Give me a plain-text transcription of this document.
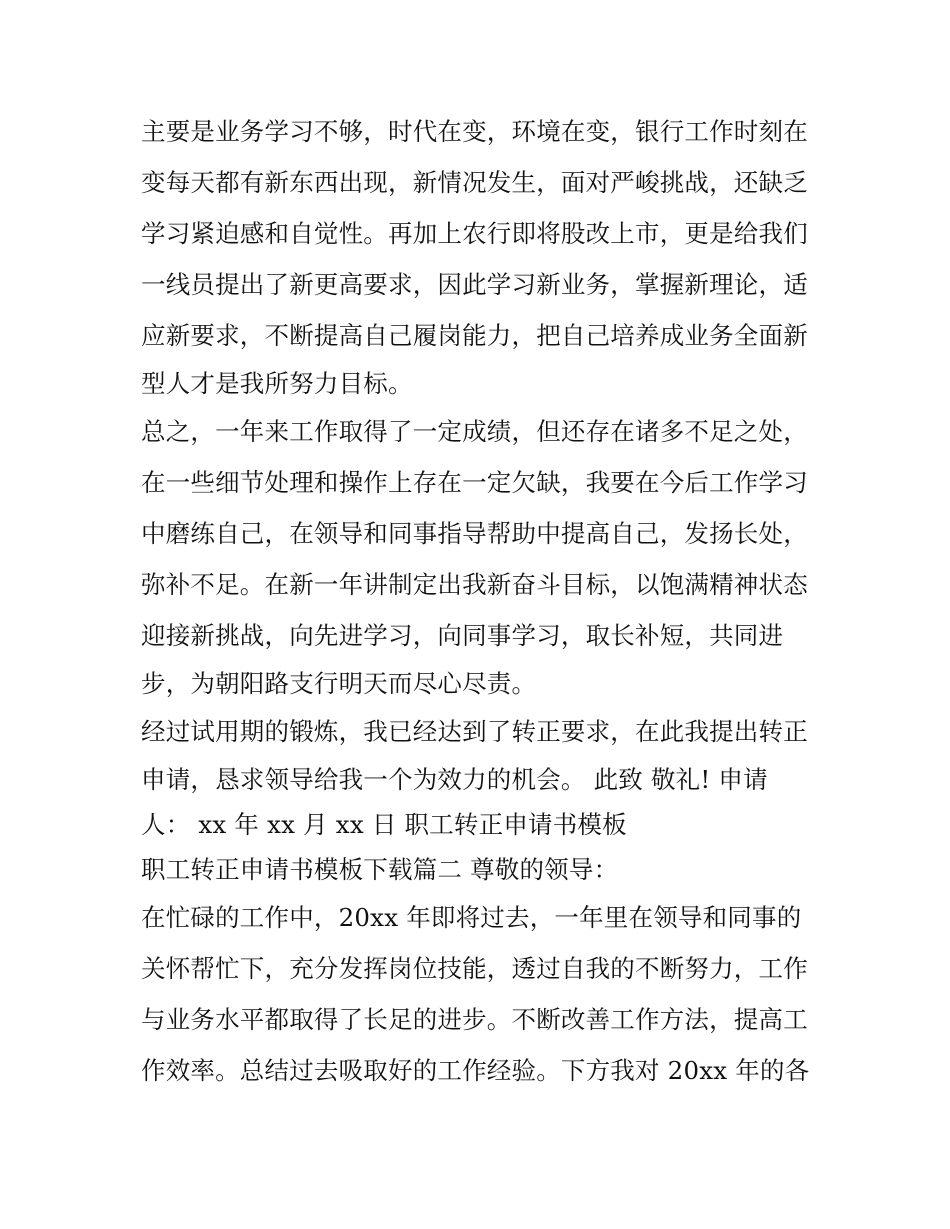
主要是业务学习不够，时代在变，环境在变，银行工作时刻在
变每天都有新东西出现，新情况发生，面对严峻挑战，还缺乏
学习紧迫感和自觉性。再加上农行即将股改上市，更是给我们
一线员提出了新更高要求，因此学习新业务，掌握新理论，适
应新要求，不断提高自己履岗能力，把自己培养成业务全面新
型人才是我所努力目标。
总之，一年来工作取得了一定成绩，但还存在诸多不足之处，
在一些细节处理和操作上存在一定欠缺，我要在今后工作学习
中磨练自己，在领导和同事指导帮助中提高自己，发扬长处，
弥补不足。在新一年讲制定出我新奋斗目标，以饱满精神状态
迎接新挑战，向先进学习，向同事学习，取长补短，共同进
步，为朝阳路支行明天而尽心尽责。
经过试用期的锻炼，我已经达到了转正要求，在此我提出转正
申请，恳求领导给我一个为效力的机会。 此致 敬礼! 申请
人： xx 年 xx 月 xx 日 职工转正申请书模板
职工转正申请书模板下载篇二 尊敬的领导：
在忙碌的工作中，20xx 年即将过去，一年里在领导和同事的
关怀帮忙下，充分发挥岗位技能，透过自我的不断努力，工作
与业务水平都取得了长足的进步。不断改善工作方法，提高工
作效率。总结过去吸取好的工作经验。下方我对 20xx 年的各
